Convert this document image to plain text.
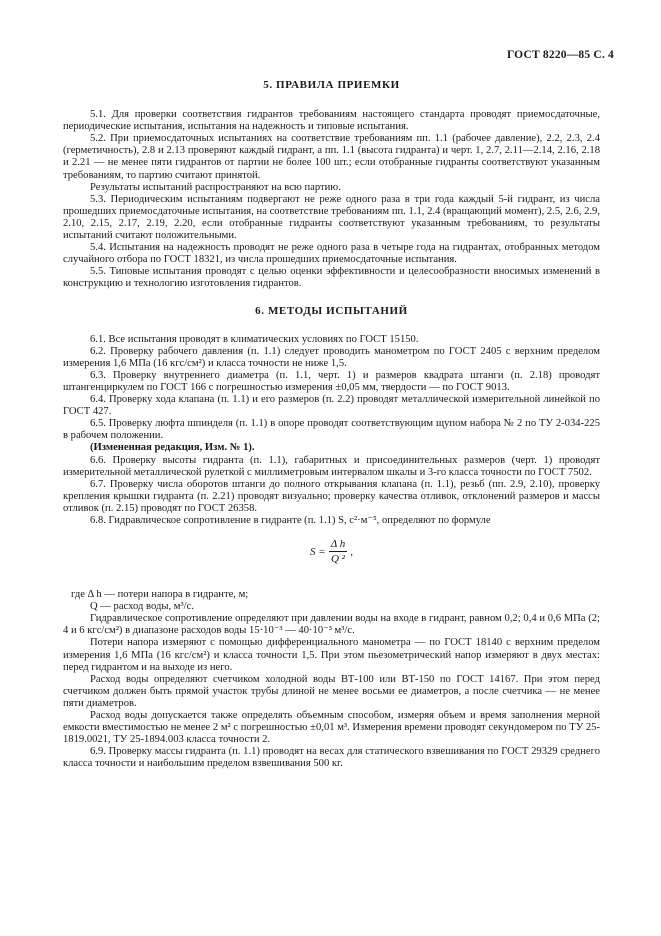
ГОСТ 8220—85 С. 4
5. ПРАВИЛА ПРИЕМКИ

5.1. Для проверки соответствия гидрантов требованиям настоящего стандарта проводят приемосдаточные, периодические испытания, испытания на надежность и типовые испытания.

5.2. При приемосдаточных испытаниях на соответствие требованиям пп. 1.1 (рабочее давление), 2.2, 2.3, 2.4 (герметичность), 2.8 и 2.13 проверяют каждый гидрант, а пп. 1.1 (высота гидранта) и черт. 1, 2.7, 2.11—2.14, 2.16, 2.18 и 2.21 — не менее пяти гидрантов от партии не более 100 шт.; если отобранные гидранты соответствуют указанным требованиям, то партию считают принятой.

Результаты испытаний распространяют на всю партию.

5.3. Периодическим испытаниям подвергают не реже одного раза в три года каждый 5-й гидрант, из числа прошедших приемосдаточные испытания, на соответствие требованиям пп. 1.1, 2.4 (вращающий момент), 2.5, 2.6, 2.9, 2.10, 2.15, 2.17, 2.19, 2.20, если отобранные гидранты соответствуют указанным требованиям, то результаты испытаний считают положительными.

5.4. Испытания на надежность проводят не реже одного раза в четыре года на гидрантах, отобранных методом случайного отбора по ГОСТ 18321, из числа прошедших приемосдаточные испытания.

5.5. Типовые испытания проводят с целью оценки эффективности и целесообразности вносимых изменений в конструкцию и технологию изготовления гидрантов.

6. МЕТОДЫ ИСПЫТАНИЙ

6.1. Все испытания проводят в климатических условиях по ГОСТ 15150.

6.2. Проверку рабочего давления (п. 1.1) следует проводить манометром по ГОСТ 2405 с верхним пределом измерения 1,6 МПа (16 кгс/см²) и класса точности не ниже 1,5.

6.3. Проверку внутреннего диаметра (п. 1.1, черт. 1) и размеров квадрата штанги (п. 2.18) проводят штангенциркулем по ГОСТ 166 с погрешностью измерения ±0,05 мм, твердости — по ГОСТ 9013.

6.4. Проверку хода клапана (п. 1.1) и его размеров (п. 2.2) проводят металлической измерительной линейкой по ГОСТ 427.

6.5. Проверку люфта шпинделя (п. 1.1) в опоре проводят соответствующим щупом набора № 2 по ТУ 2-034-225 в рабочем положении.

(Измененная редакция, Изм. № 1).

6.6. Проверку высоты гидранта (п. 1.1), габаритных и присоединительных размеров (черт. 1) проводят измерительной металлической рулеткой с миллиметровым интервалом шкалы и 3-го класса точности по ГОСТ 7502.

6.7. Проверку числа оборотов штанги до полного открывания клапана (п. 1.1), резьб (пп. 2.9, 2.10), проверку крепления крышки гидранта (п. 2.21) проводят визуально; проверку качества отливок, отклонений размеров и массы отливок (п. 2.15) проводят по ГОСТ 26358.

6.8. Гидравлическое сопротивление в гидранте (п. 1.1) S, с²·м⁻⁵, определяют по формуле

$S = \frac{\text{Δ h}}{\text{Q ²}}$ ,

где Δ h — потери напора в гидранте, м;

Q — расход воды, м³/с.

Гидравлическое сопротивление определяют при давлении воды на входе в гидрант, равном 0,2; 0,4 и 0,6 МПа (2; 4 и 6 кгс/см²) в диапазоне расходов воды 15·10⁻³ — 40·10⁻³ м³/с.

Потери напора измеряют с помощью дифференциального манометра — по ГОСТ 18140 с верхним пределом измерения 1,6 МПа (16 кгс/см²) и класса точности 1,5. При этом пьезометрический напор измеряют в двух местах: перед гидрантом и на выходе из него.

Расход воды определяют счетчиком холодной воды ВТ-100 или ВТ-150 по ГОСТ 14167. При этом перед счетчиком должен быть прямой участок трубы длиной не менее восьми ее диаметров, а после счетчика — не менее пяти диаметров.

Расход воды допускается также определять объемным способом, измеряя объем и время заполнения мерной емкости вместимостью не менее 2 м² с погрешностью ±0,01 м³. Измерения времени проводят секундомером по ТУ 25-1819.0021, ТУ 25-1894.003 класса точности 2.

6.9. Проверку массы гидранта (п. 1.1) проводят на весах для статического взвешивания по ГОСТ 29329 среднего класса точности и наибольшим пределом взвешивания 500 кг.
